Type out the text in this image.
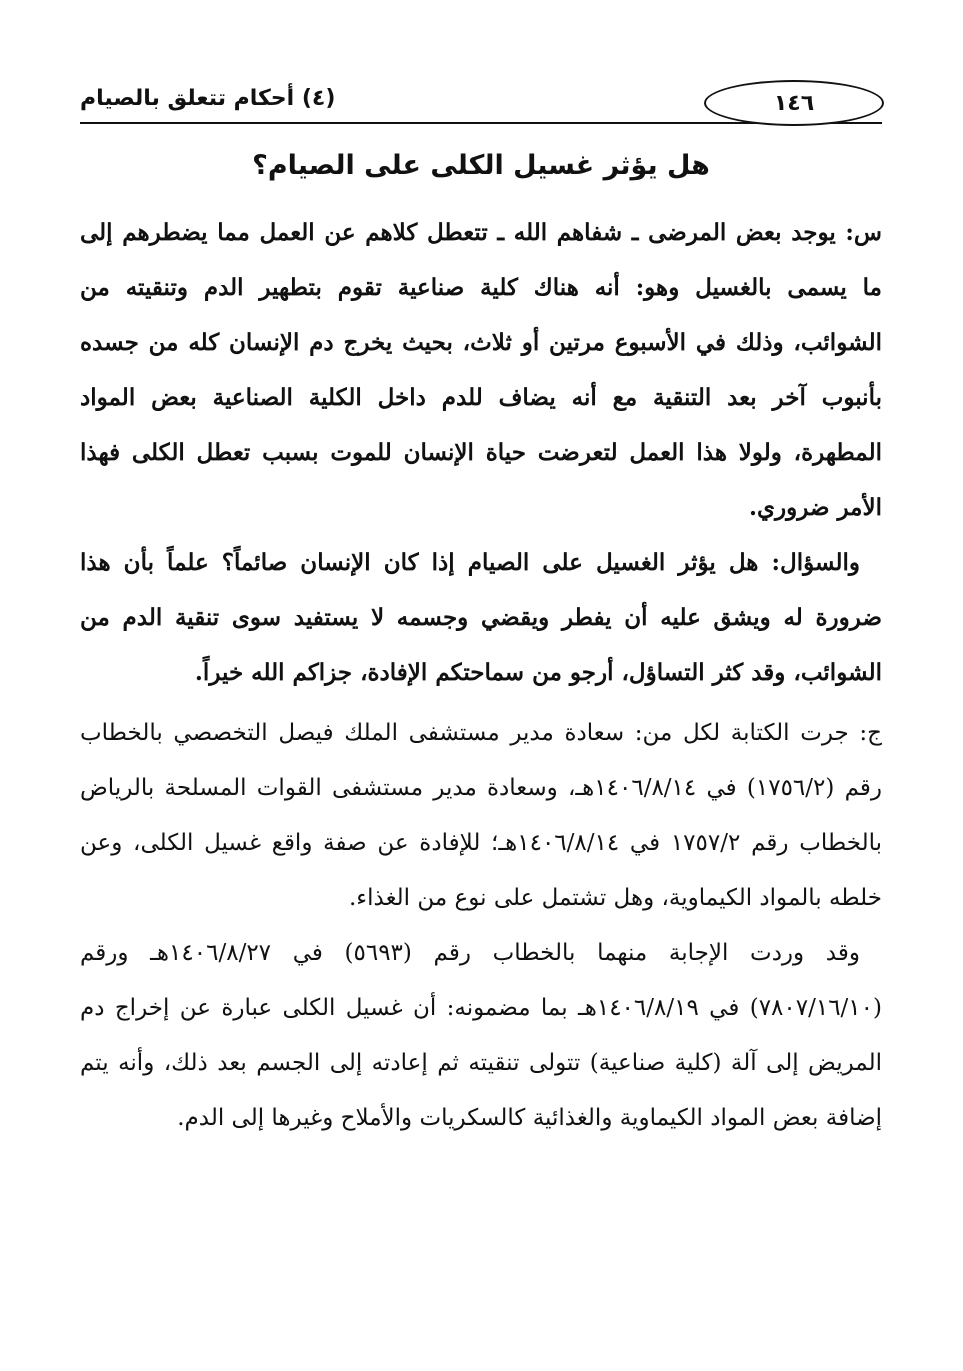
١٤٦
(٤) أحكام تتعلق بالصيام
هل يؤثر غسيل الكلى على الصيام؟

س: يوجد بعض المرضى ـ شفاهم الله ـ تتعطل كلاهم عن العمل مما يضطرهم إلى ما يسمى بالغسيل وهو: أنه هناك كلية صناعية تقوم بتطهير الدم وتنقيته من الشوائب، وذلك في الأسبوع مرتين أو ثلاث، بحيث يخرج دم الإنسان كله من جسده بأنبوب آخر بعد التنقية مع أنه يضاف للدم داخل الكلية الصناعية بعض المواد المطهرة، ولولا هذا العمل لتعرضت حياة الإنسان للموت بسبب تعطل الكلى فهذا الأمر ضروري.

والسؤال: هل يؤثر الغسيل على الصيام إذا كان الإنسان صائماً؟ علماً بأن هذا ضرورة له ويشق عليه أن يفطر ويقضي وجسمه لا يستفيد سوى تنقية الدم من الشوائب، وقد كثر التساؤل، أرجو من سماحتكم الإفادة، جزاكم الله خيراً.

ج: جرت الكتابة لكل من: سعادة مدير مستشفى الملك فيصل التخصصي بالخطاب رقم (١٧٥٦/٢) في ١٤٠٦/٨/١٤هـ، وسعادة مدير مستشفى القوات المسلحة بالرياض بالخطاب رقم ١٧٥٧/٢ في ١٤٠٦/٨/١٤هـ؛ للإفادة عن صفة واقع غسيل الكلى، وعن خلطه بالمواد الكيماوية، وهل تشتمل على نوع من الغذاء.

وقد وردت الإجابة منهما بالخطاب رقم (٥٦٩٣) في ١٤٠٦/٨/٢٧هـ ورقم (٧٨٠٧/١٦/١٠) في ١٤٠٦/٨/١٩هـ بما مضمونه: أن غسيل الكلى عبارة عن إخراج دم المريض إلى آلة (كلية صناعية) تتولى تنقيته ثم إعادته إلى الجسم بعد ذلك، وأنه يتم إضافة بعض المواد الكيماوية والغذائية كالسكريات والأملاح وغيرها إلى الدم.
